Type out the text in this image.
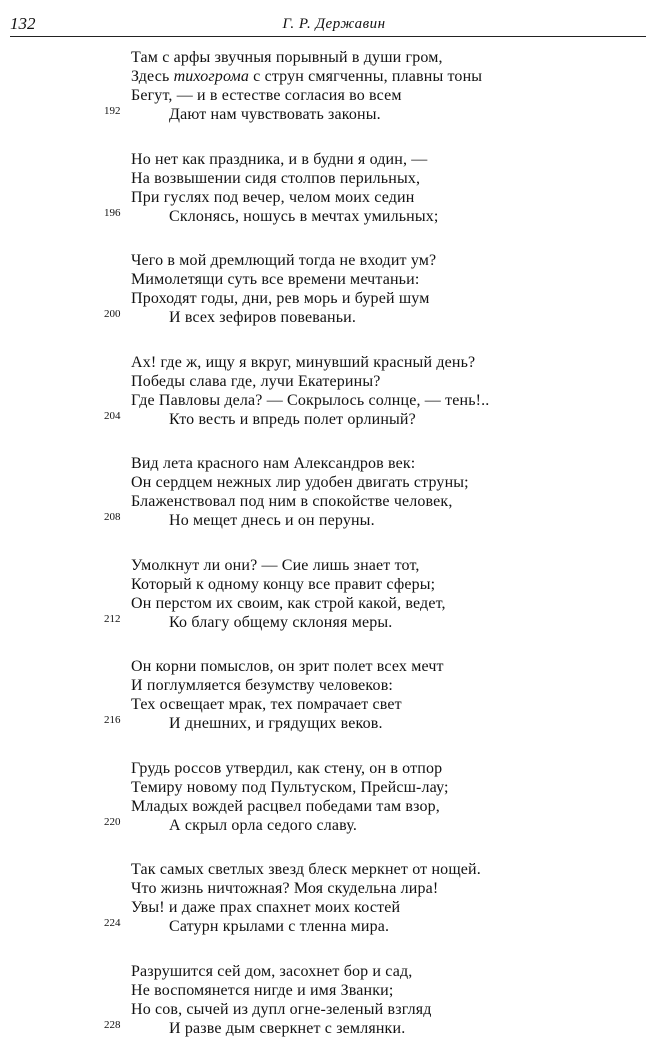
132	Г. Р. Державин
Там с арфы звучныя порывный в души гром,
Здесь тихогрома с струн смягченны, плавны тоны
Бегут, — и в естестве согласия во всем
Дают нам чувствовать законы.
192
Но нет как праздника, и в будни я один, —
На возвышении сидя столпов перильных,
При гуслях под вечер, челом моих седин
Склонясь, ношусь в мечтах умильных;
196
Чего в мой дремлющий тогда не входит ум?
Мимолетящи суть все времени мечтаньи:
Проходят годы, дни, рев морь и бурей шум
И всех зефиров повеваньи.
200
Ах! где ж, ищу я вкруг, минувший красный день?
Победы слава где, лучи Екатерины?
Где Павловы дела? — Сокрылось солнце, — тень!..
Кто весть и впредь полет орлиный?
204
Вид лета красного нам Александров век:
Он сердцем нежных лир удобен двигать струны;
Блаженствовал под ним в спокойстве человек,
Но мещет днесь и он перуны.
208
Умолкнут ли они? — Сие лишь знает тот,
Который к одному концу все правит сферы;
Он перстом их своим, как строй какой, ведет,
Ко благу общему склоняя меры.
212
Он корни помыслов, он зрит полет всех мечт
И поглумляется безумству человеков:
Тех освещает мрак, тех помрачает свет
И днешних, и грядущих веков.
216
Грудь россов утвердил, как стену, он в отпор
Темиру новому под Пультуском, Прейсш-лау;
Младых вождей расцвел победами там взор,
А скрыл орла седого славу.
220
Так самых светлых звезд блеск меркнет от нощей.
Что жизнь ничтожная? Моя скудельна лира!
Увы! и даже прах спахнет моих костей
Сатурн крылами с тленна мира.
224
Разрушится сей дом, засохнет бор и сад,
Не воспомянется нигде и имя Званки;
Но сов, сычей из дупл огне-зеленый взгляд
И разве дым сверкнет с землянки.
228
